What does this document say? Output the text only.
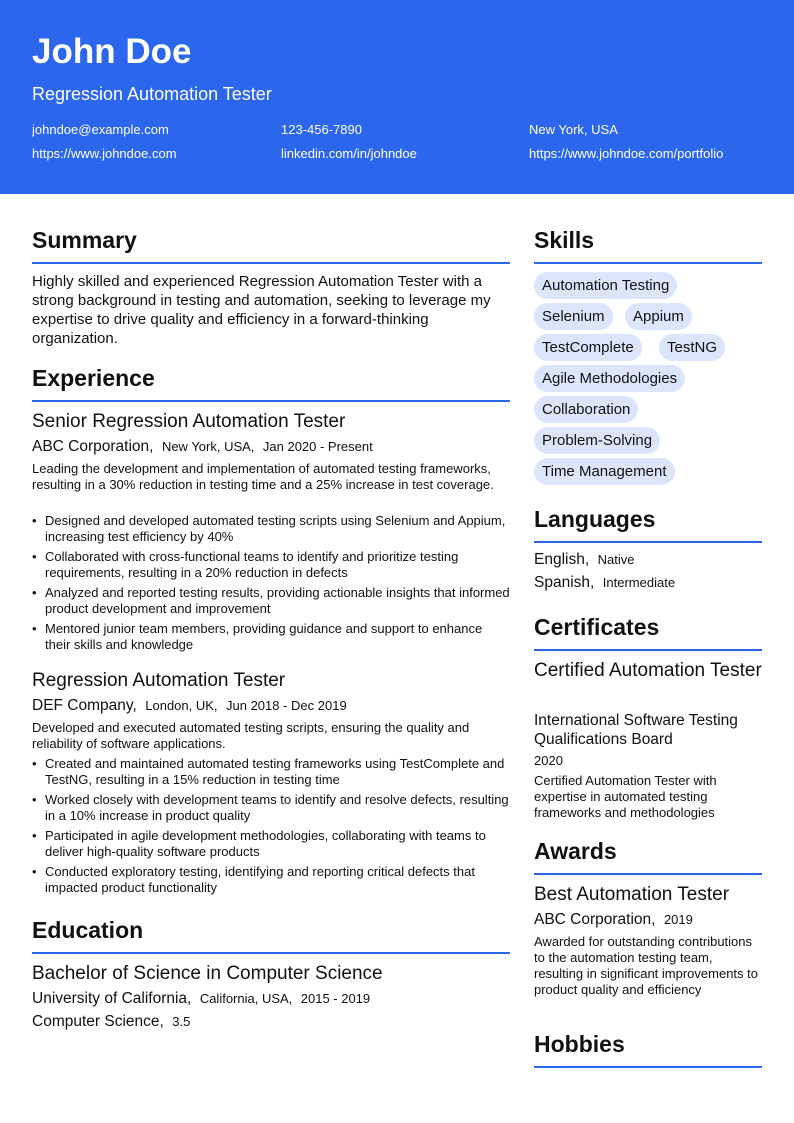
John Doe
Regression Automation Tester
johndoe@example.com	123-456-7890	New York, USA
https://www.johndoe.com	linkedin.com/in/johndoe	https://www.johndoe.com/portfolio
Summary
Highly skilled and experienced Regression Automation Tester with a strong background in testing and automation, seeking to leverage my expertise to drive quality and efficiency in a forward-thinking organization.
Experience
Senior Regression Automation Tester
ABC Corporation, New York, USA, Jan 2020 - Present
Leading the development and implementation of automated testing frameworks, resulting in a 30% reduction in testing time and a 25% increase in test coverage.
• Designed and developed automated testing scripts using Selenium and Appium, increasing test efficiency by 40%
• Collaborated with cross-functional teams to identify and prioritize testing requirements, resulting in a 20% reduction in defects
• Analyzed and reported testing results, providing actionable insights that informed product development and improvement
• Mentored junior team members, providing guidance and support to enhance their skills and knowledge
Regression Automation Tester
DEF Company, London, UK, Jun 2018 - Dec 2019
Developed and executed automated testing scripts, ensuring the quality and reliability of software applications.
• Created and maintained automated testing frameworks using TestComplete and TestNG, resulting in a 15% reduction in testing time
• Worked closely with development teams to identify and resolve defects, resulting in a 10% increase in product quality
• Participated in agile development methodologies, collaborating with teams to deliver high-quality software products
• Conducted exploratory testing, identifying and reporting critical defects that impacted product functionality
Education
Bachelor of Science in Computer Science
University of California, California, USA, 2015 - 2019
Computer Science, 3.5
Skills
Automation Testing
Selenium	Appium
TestComplete	TestNG
Agile Methodologies
Collaboration
Problem-Solving
Time Management
Languages
English, Native
Spanish, Intermediate
Certificates
Certified Automation Tester
International Software Testing Qualifications Board
2020
Certified Automation Tester with expertise in automated testing frameworks and methodologies
Awards
Best Automation Tester
ABC Corporation, 2019
Awarded for outstanding contributions to the automation testing team, resulting in significant improvements to product quality and efficiency
Hobbies
